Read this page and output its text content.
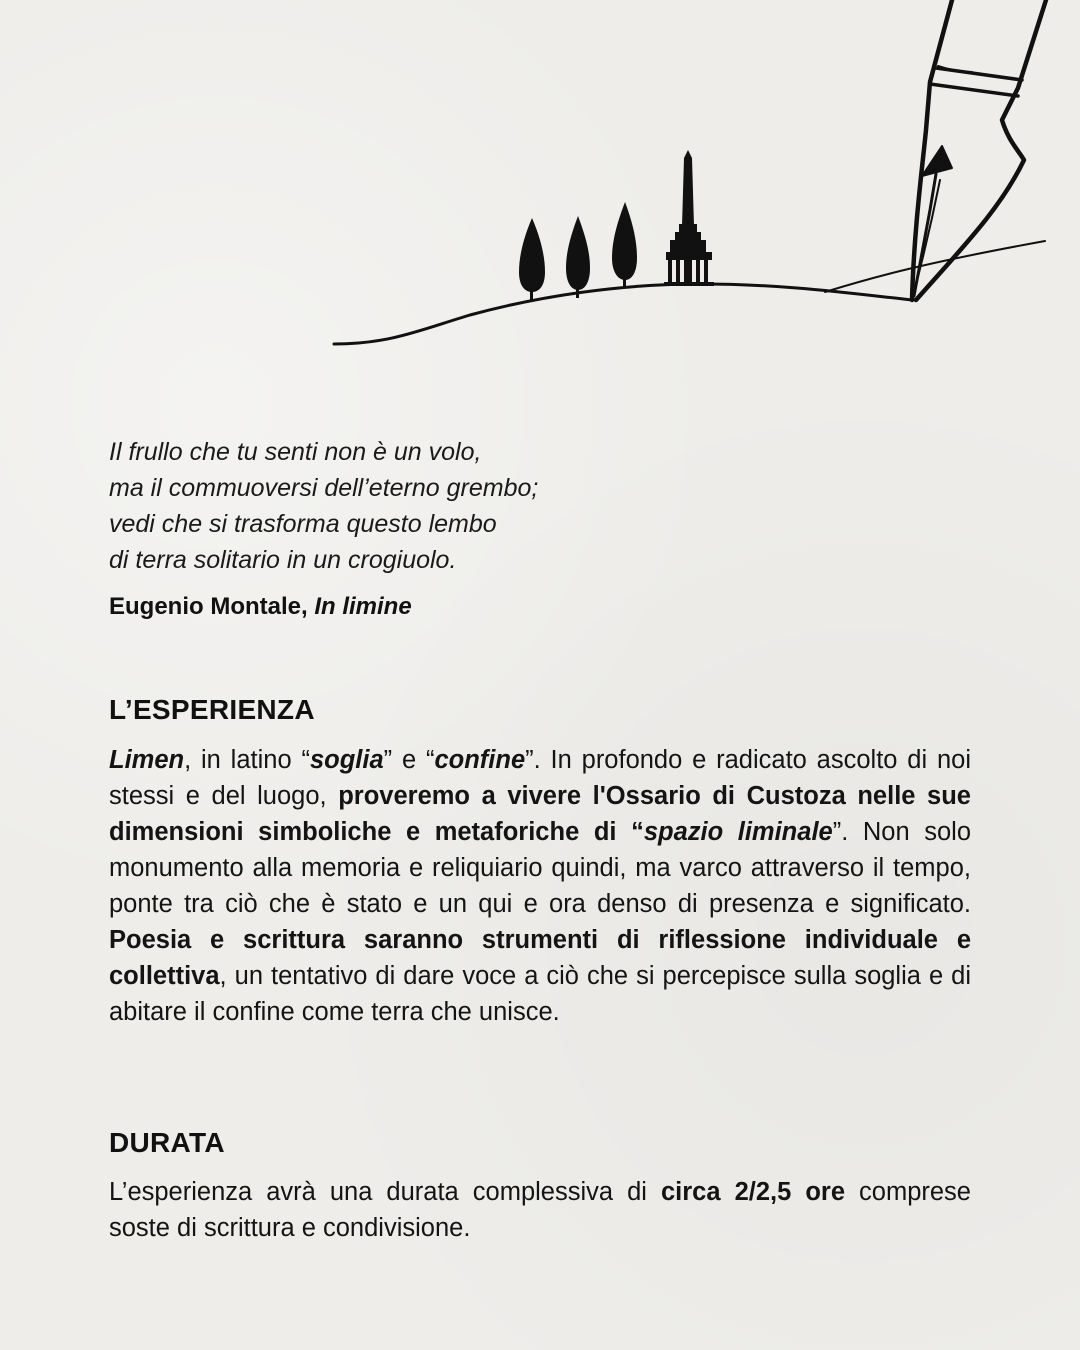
Il frullo che tu senti non è un volo,
ma il commuoversi dell’eterno grembo;
vedi che si trasforma questo lembo
di terra solitario in un crogiuolo.
Eugenio Montale, In limine
L’ESPERIENZA

Limen, in latino “soglia” e “confine”. In profondo e radicato ascolto di noi stessi e del luogo, proveremo a vivere l'Ossario di Custoza nelle sue dimensioni simboliche e metaforiche di “spazio liminale”. Non solo monumento alla memoria e reliquiario quindi, ma varco attraverso il tempo, ponte tra ciò che è stato e un qui e ora denso di presenza e significato. Poesia e scrittura saranno strumenti di riflessione individuale e collettiva, un tentativo di dare voce a ciò che si percepisce sulla soglia e di abitare il confine come terra che unisce.

DURATA

L’esperienza avrà una durata complessiva di circa 2/2,5 ore comprese soste di scrittura e condivisione.
